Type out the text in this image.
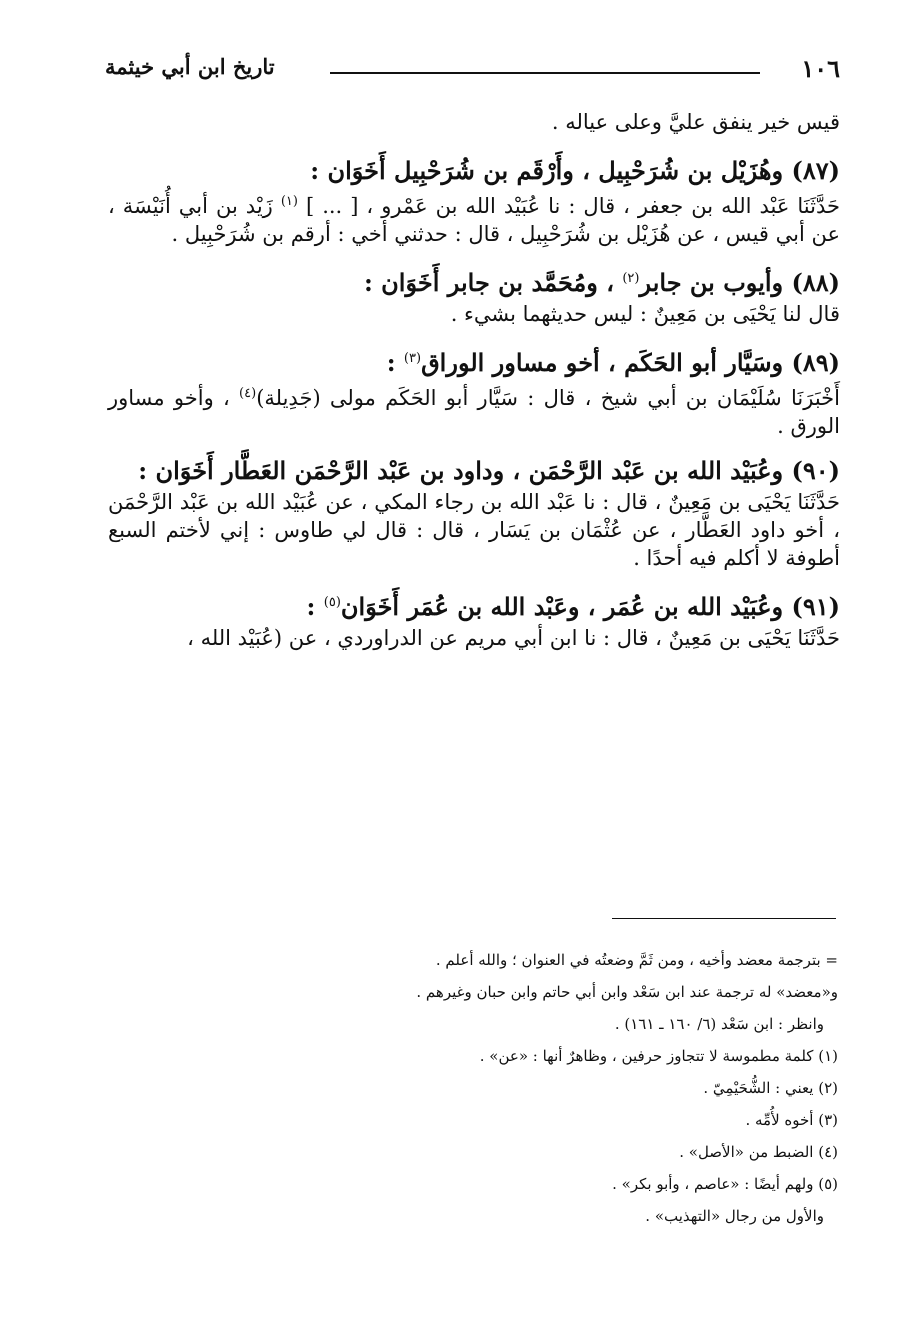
١٠٦
تاريخ ابن أبي خيثمة

قيس خير ينفق عليَّ وعلى عياله .

(٨٧) وهُزَيْل بن شُرَحْبِيل ، وأَرْقَم بن شُرَحْبِيل أَخَوَان :

حَدَّثَنَا عَبْد الله بن جعفر ، قال : نا عُبَيْد الله بن عَمْرو ، [ ... ] $^{(١)}$ زَيْد بن أبي أُنَيْسَة ، عن أبي قيس ، عن هُزَيْل بن شُرَحْبِيل ، قال : حدثني أخي : أرقم بن شُرَحْبِيل .

(٨٨) وأيوب بن جابر$^{(٢)}$ ، ومُحَمَّد بن جابر أَخَوَان :

قال لنا يَحْيَى بن مَعِينٌ : ليس حديثهما بشيء .

(٨٩) وسَيَّار أبو الحَكَم ، أخو مساور الوراق$^{(٣)}$ :

أَخْبَرَنَا سُلَيْمَان بن أبي شيخ ، قال : سَيَّار أبو الحَكَم مولى (جَدِيلة)$^{(٤)}$ ، وأخو مساور الورق .

(٩٠) وعُبَيْد الله بن عَبْد الرَّحْمَن ، وداود بن عَبْد الرَّحْمَن العَطَّار أَخَوَان :

حَدَّثَنَا يَحْيَى بن مَعِينٌ ، قال : نا عَبْد الله بن رجاء المكي ، عن عُبَيْد الله بن عَبْد الرَّحْمَن ، أخو داود العَطَّار ، عن عُثْمَان بن يَسَار ، قال : قال لي طاوس : إني لأختم السبع أطوفة لا أكلم فيه أحدًا .

(٩١) وعُبَيْد الله بن عُمَر ، وعَبْد الله بن عُمَر أَخَوَان$^{(٥)}$ :

حَدَّثَنَا يَحْيَى بن مَعِينٌ ، قال : نا ابن أبي مريم عن الدراوردي ، عن (عُبَيْد الله ،

= بترجمة معضد وأخيه ، ومن ثَمَّ وضعتُه في العنوان ؛ والله أعلم .

و«معضد» له ترجمة عند ابن سَعْد وابن أبي حاتم وابن حبان وغيرهم .

وانظر : ابن سَعْد (٦/ ١٦٠ ـ ١٦١) .

(١) كلمة مطموسة لا تتجاوز حرفين ، وظاهرٌ أنها : «عن» .

(٢) يعني : الشُّحَيْمِيّ .

(٣) أخوه لأُمِّه .

(٤) الضبط من «الأصل» .

(٥) ولهم أيضًا : «عاصم ، وأبو بكر» .

والأول من رجال «التهذيب» .
